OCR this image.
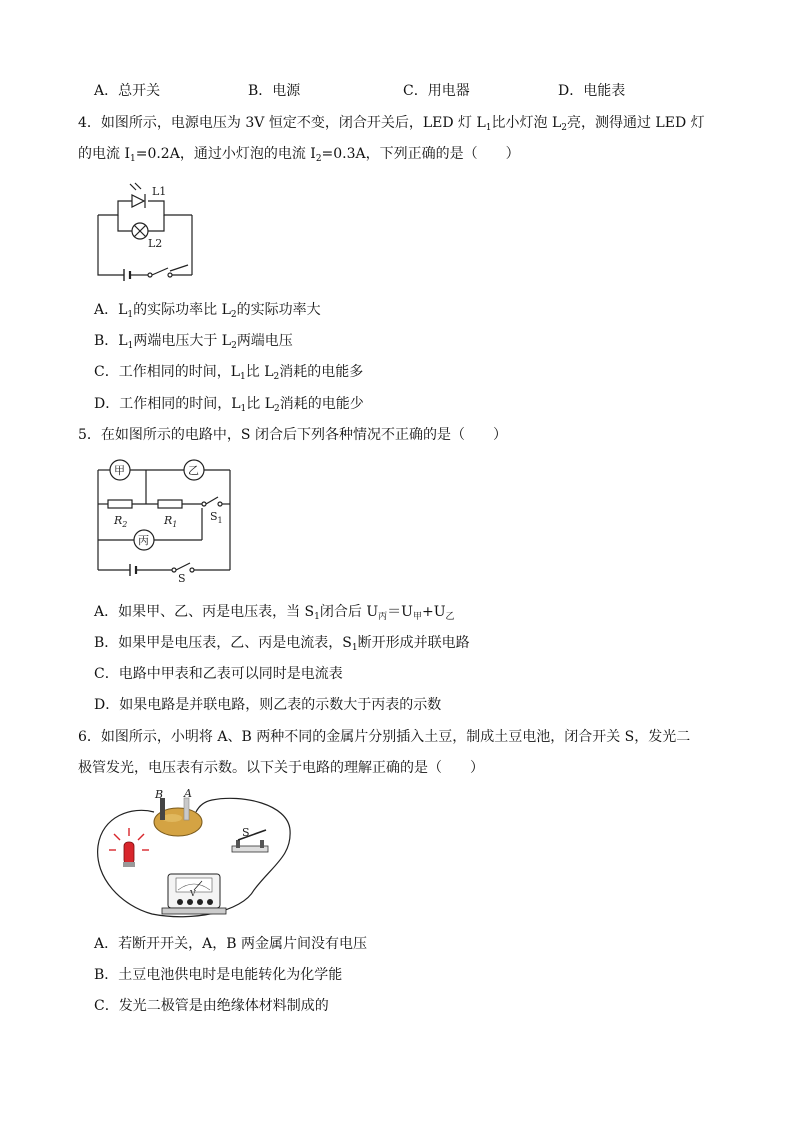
A．总开关	B．电源	C．用电器	D．电能表
4．如图所示，电源电压为 3V 恒定不变，闭合开关后，LED 灯 $L_1$比小灯泡 $L_2$亮，测得通过 LED 灯
的电流 $I_1=0.2A$，通过小灯泡的电流 $I_2=0.3A$，下列正确的是（　　）
L1
L2
A．$L_1$的实际功率比 $L_2$的实际功率大
B．$L_1$两端电压大于 $L_2$两端电压
C．工作相同的时间，$L_1$比 $L_2$消耗的电能多
D．工作相同的时间，$L_1$比 $L_2$消耗的电能少
5．在如图所示的电路中，S 闭合后下列各种情况不正确的是（　　）
甲	乙
丙
$R_2$	$R_1$
$S_1$
S
A．如果甲、乙、丙是电压表，当 $S_1$闭合后 $U_丙=U_甲+U_乙$
B．如果甲是电压表，乙、丙是电流表，$S_1$断开形成并联电路
C．电路中甲表和乙表可以同时是电流表
D．如果电路是并联电路，则乙表的示数大于丙表的示数
6．如图所示，小明将 A、B 两种不同的金属片分别插入土豆，制成土豆电池，闭合开关 S，发光二
极管发光，电压表有示数。以下关于电路的理解正确的是（　　）
B A
S
V
A．若断开开关，A，B 两金属片间没有电压
B．土豆电池供电时是电能转化为化学能
C．发光二极管是由绝缘体材料制成的
